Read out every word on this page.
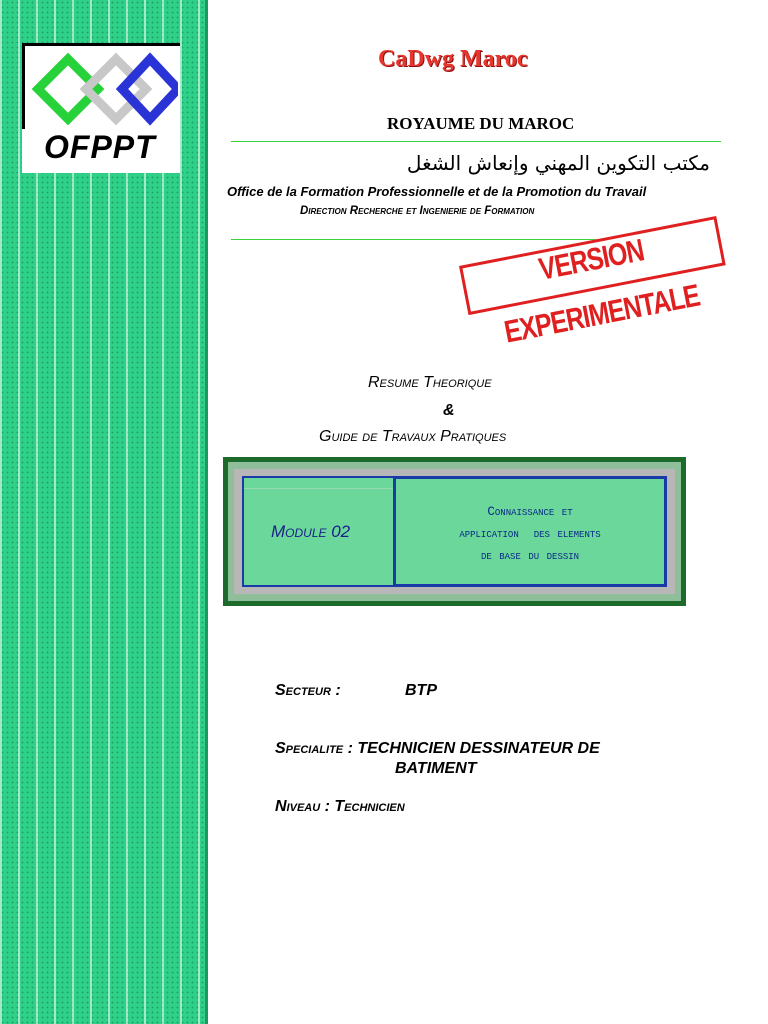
OFPPT
CaDwg Maroc
ROYAUME DU MAROC
مكتب التكوين المهني وإنعاش الشغل
Office de la Formation Professionnelle et de la Promotion du Travail
Direction Recherche et Ingenierie de Formation
VERSION EXPERIMENTALE
Resume Theorique
&
Guide de Travaux Pratiques
Module 02
Connaissance et
application  des elements
de base du dessin
Secteur :	BTP
Specialite : TECHNICIEN DESSINATEUR DE
BATIMENT
Niveau : Technicien
